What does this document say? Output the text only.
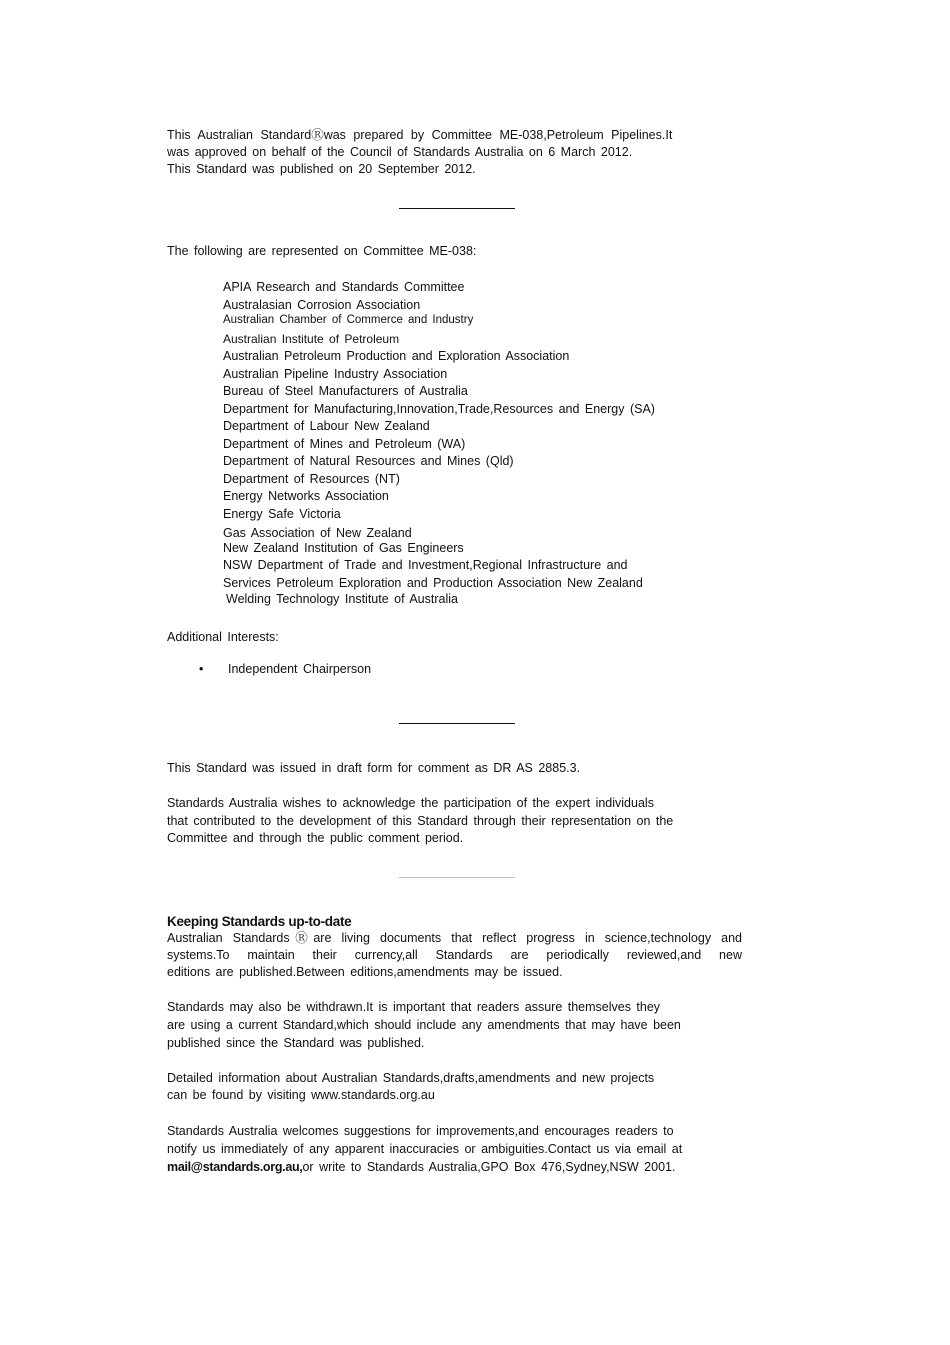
This Australian StandardⓇwas prepared by Committee ME-038,Petroleum Pipelines.It
was approved on behalf of the Council of Standards Australia on 6 March 2012.
This Standard was published on 20 September 2012.
The following are represented on Committee ME-038:
APIA Research and Standards Committee
Australasian Corrosion Association
Australian Chamber of Commerce and Industry
Australian Institute of Petroleum
Australian Petroleum Production and Exploration Association
Australian Pipeline Industry Association
Bureau of Steel Manufacturers of Australia
Department for Manufacturing,Innovation,Trade,Resources and Energy (SA)
Department of Labour New Zealand
Department of Mines and Petroleum (WA)
Department of Natural Resources and Mines (Qld)
Department of Resources (NT)
Energy Networks Association
Energy Safe Victoria
Gas Association of New Zealand
New Zealand Institution of Gas Engineers
NSW Department of Trade and Investment,Regional Infrastructure and
Services Petroleum Exploration and Production Association New Zealand
Welding Technology Institute of Australia
Additional Interests:
• Independent Chairperson
This Standard was issued in draft form for comment as DR AS 2885.3.
Standards Australia wishes to acknowledge the participation of the expert individuals
that contributed to the development of this Standard through their representation on the
Committee and through the public comment period.
Keeping Standards up-to-date
Australian StandardsⓇare living documents that reflect progress in science,technology and
systems.To maintain their currency,all Standards are periodically reviewed,and new
editions are published.Between editions,amendments may be issued.
Standards may also be withdrawn.It is important that readers assure themselves they
are using a current Standard,which should include any amendments that may have been
published since the Standard was published.
Detailed information about Australian Standards,drafts,amendments and new projects
can be found by visiting www.standards.org.au
Standards Australia welcomes suggestions for improvements,and encourages readers to
notify us immediately of any apparent inaccuracies or ambiguities.Contact us via email at
mail@standards.org.au,or write to Standards Australia,GPO Box 476,Sydney,NSW 2001.
